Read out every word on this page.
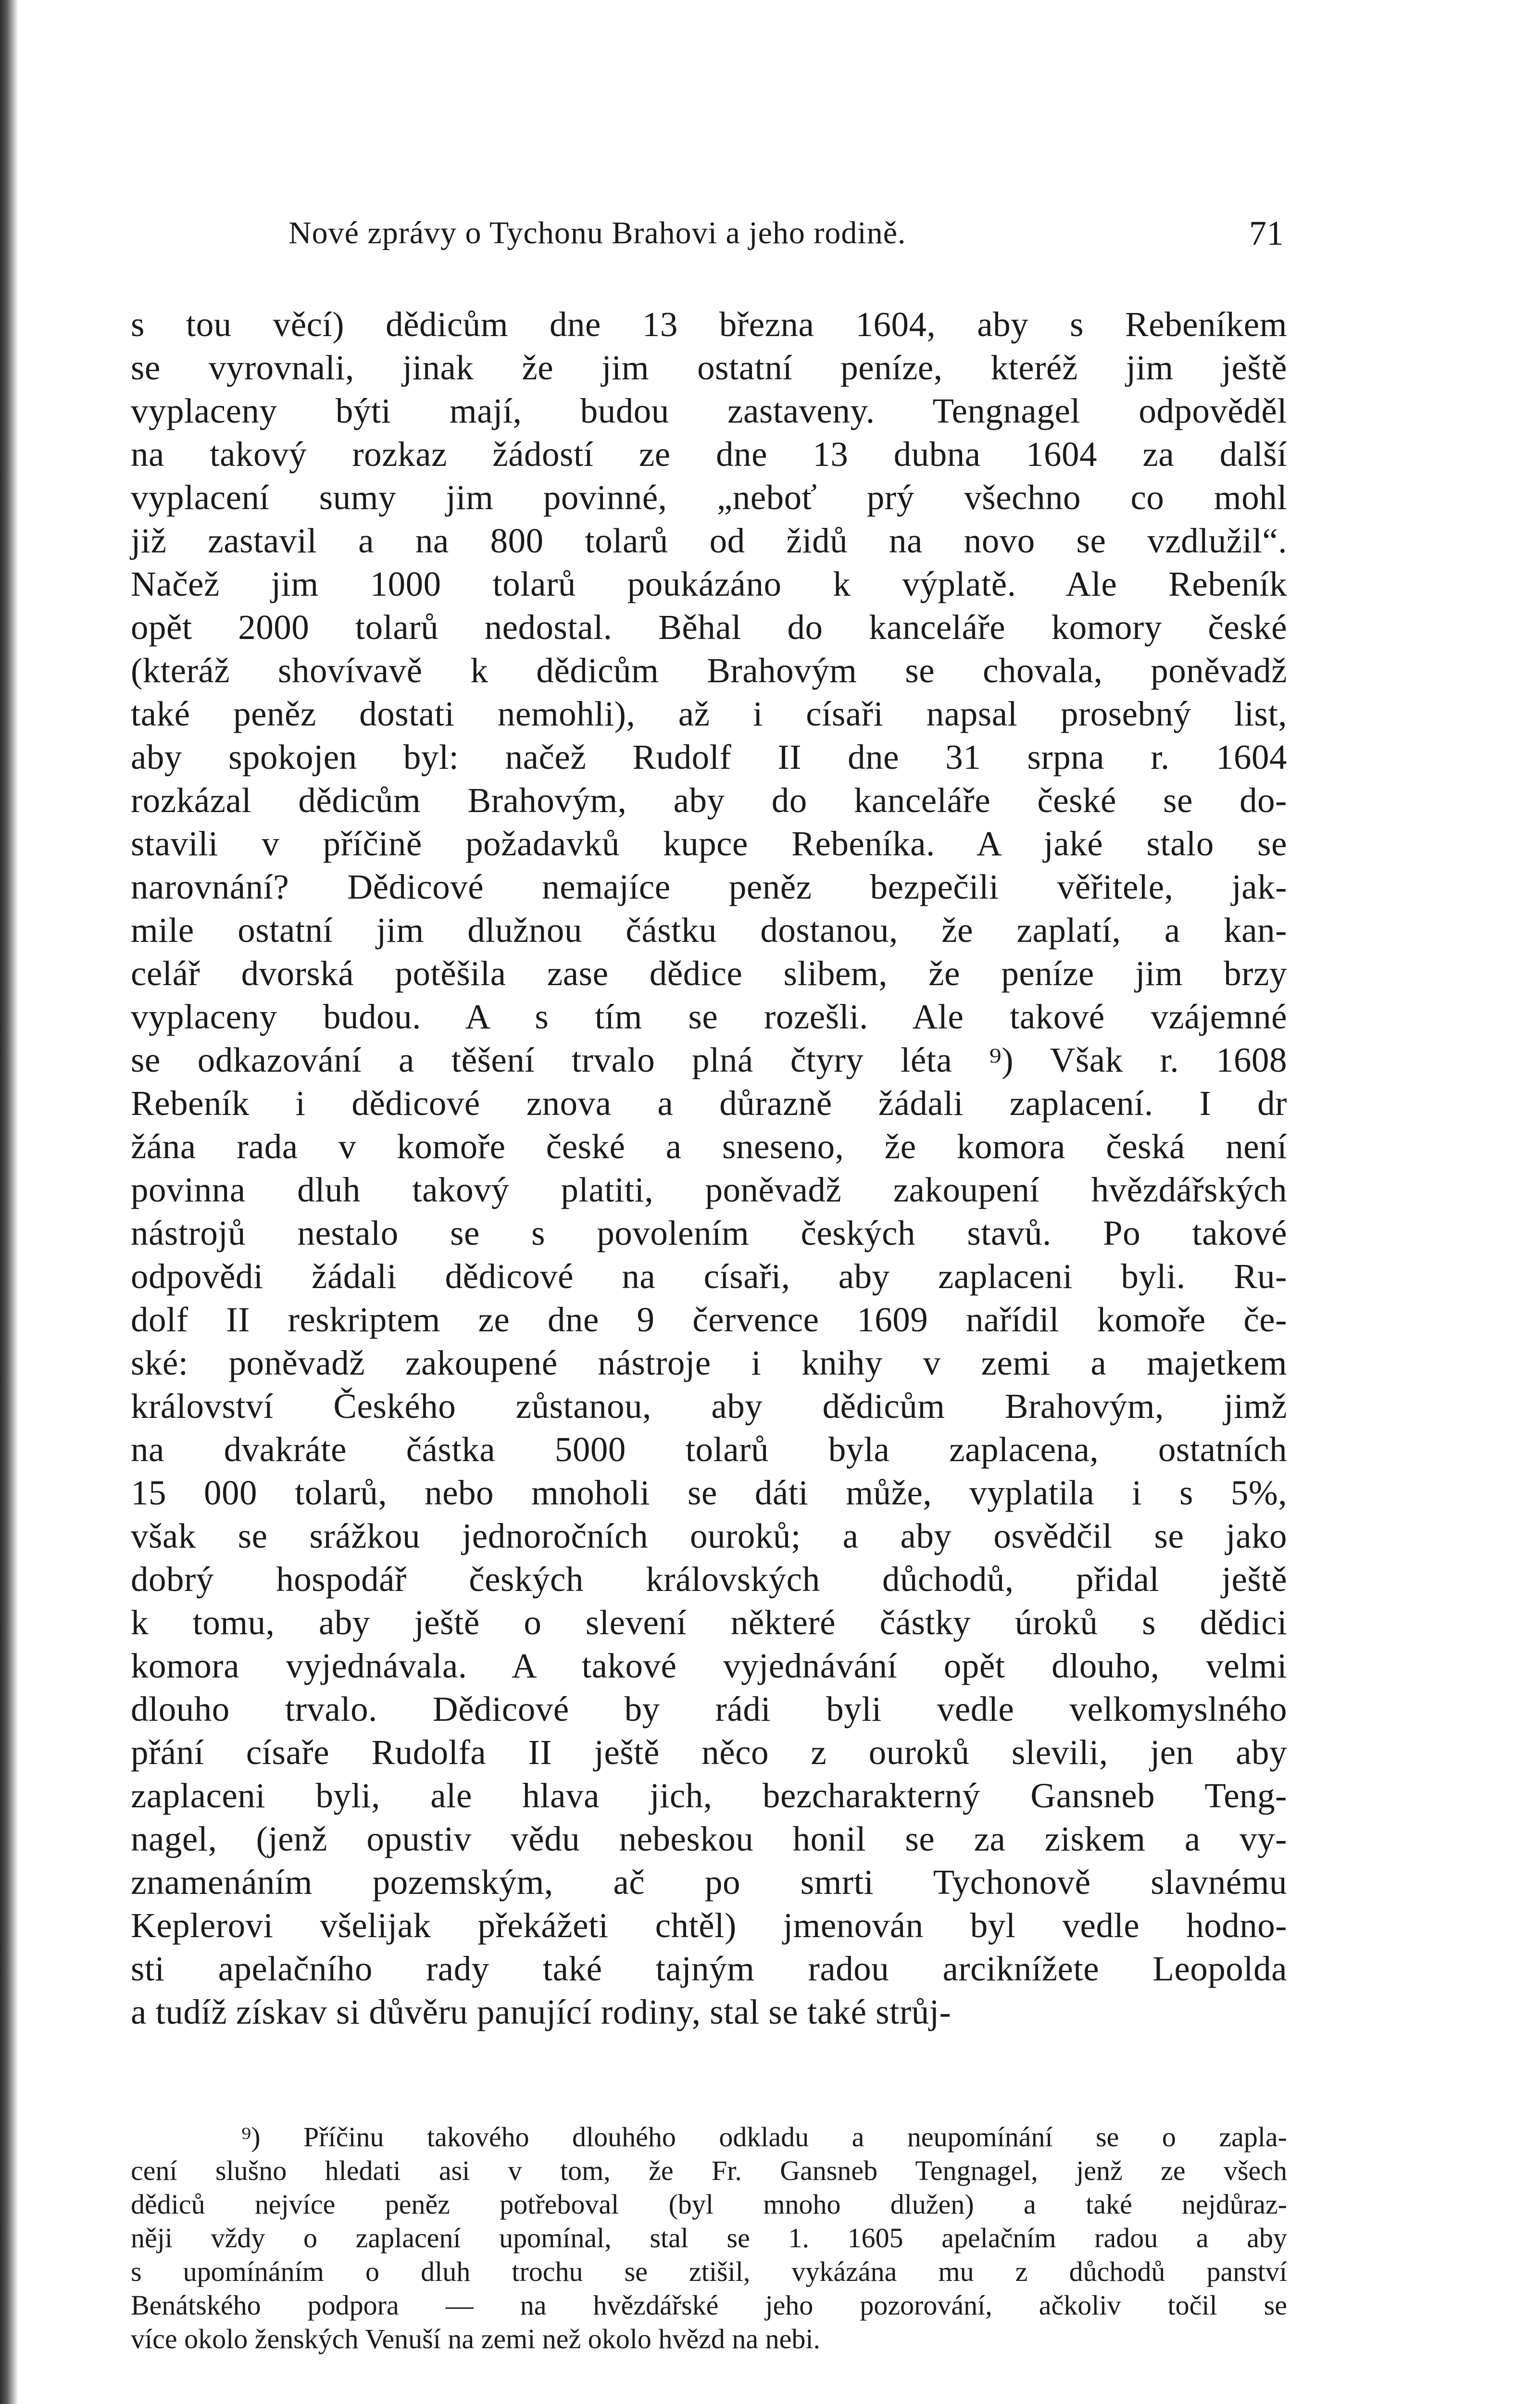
Nové zprávy o Tychonu Brahovi a jeho rodině.	71
s tou věcí) dědicům dne 13 března 1604, aby s Rebeníkem
se vyrovnali, jinak že jim ostatní peníze, kteréž jim ještě
vyplaceny býti mají, budou zastaveny. Tengnagel odpověděl
na takový rozkaz žádostí ze dne 13 dubna 1604 za další
vyplacení sumy jim povinné, „neboť prý všechno co mohl
již zastavil a na 800 tolarů od židů na novo se vzdlužil“.
Načež jim 1000 tolarů poukázáno k výplatě. Ale Rebeník
opět 2000 tolarů nedostal. Běhal do kanceláře komory české
(kteráž shovívavě k dědicům Brahovým se chovala, poněvadž
také peněz dostati nemohli), až i císaři napsal prosebný list,
aby spokojen byl: načež Rudolf II dne 31 srpna r. 1604
rozkázal dědicům Brahovým, aby do kanceláře české se do-
stavili v příčině požadavků kupce Rebeníka. A jaké stalo se
narovnání? Dědicové nemajíce peněz bezpečili věřitele, jak-
mile ostatní jim dlužnou částku dostanou, že zaplatí, a kan-
celář dvorská potěšila zase dědice slibem, že peníze jim brzy
vyplaceny budou. A s tím se rozešli. Ale takové vzájemné
se odkazování a těšení trvalo plná čtyry léta ⁹) Však r. 1608
Rebeník i dědicové znova a důrazně žádali zaplacení. I dr
žána rada v komoře české a sneseno, že komora česká není
povinna dluh takový platiti, poněvadž zakoupení hvězdářských
nástrojů nestalo se s povolením českých stavů. Po takové
odpovědi žádali dědicové na císaři, aby zaplaceni byli. Ru-
dolf II reskriptem ze dne 9 července 1609 nařídil komoře če-
ské: poněvadž zakoupené nástroje i knihy v zemi a majetkem
království Českého zůstanou, aby dědicům Brahovým, jimž
na dvakráte částka 5000 tolarů byla zaplacena, ostatních
15 000 tolarů, nebo mnoholi se dáti může, vyplatila i s 5%,
však se srážkou jednoročních ouroků; a aby osvědčil se jako
dobrý hospodář českých královských důchodů, přidal ještě
k tomu, aby ještě o slevení některé částky úroků s dědici
komora vyjednávala. A takové vyjednávání opět dlouho, velmi
dlouho trvalo. Dědicové by rádi byli vedle velkomyslného
přání císaře Rudolfa II ještě něco z ouroků slevili, jen aby
zaplaceni byli, ale hlava jich, bezcharakterný Gansneb Teng-
nagel, (jenž opustiv vědu nebeskou honil se za ziskem a vy-
znamenáním pozemským, ač po smrti Tychonově slavnému
Keplerovi všelijak překážeti chtěl) jmenován byl vedle hodno-
sti apelačního rady také tajným radou arciknížete Leopolda
a tudíž získav si důvěru panující rodiny, stal se také strůj-
⁹) Příčinu takového dlouhého odkladu a neupomínání se o zapla-
cení slušno hledati asi v tom, že Fr. Gansneb Tengnagel, jenž ze všech
dědiců nejvíce peněz potřeboval (byl mnoho dlužen) a také nejdůraz-
něji vždy o zaplacení upomínal, stal se 1. 1605 apelačním radou a aby
s upomínáním o dluh trochu se ztišil, vykázána mu z důchodů panství
Benátského podpora — na hvězdářské jeho pozorování, ačkoliv točil se
více okolo ženských Venuší na zemi než okolo hvězd na nebi.
